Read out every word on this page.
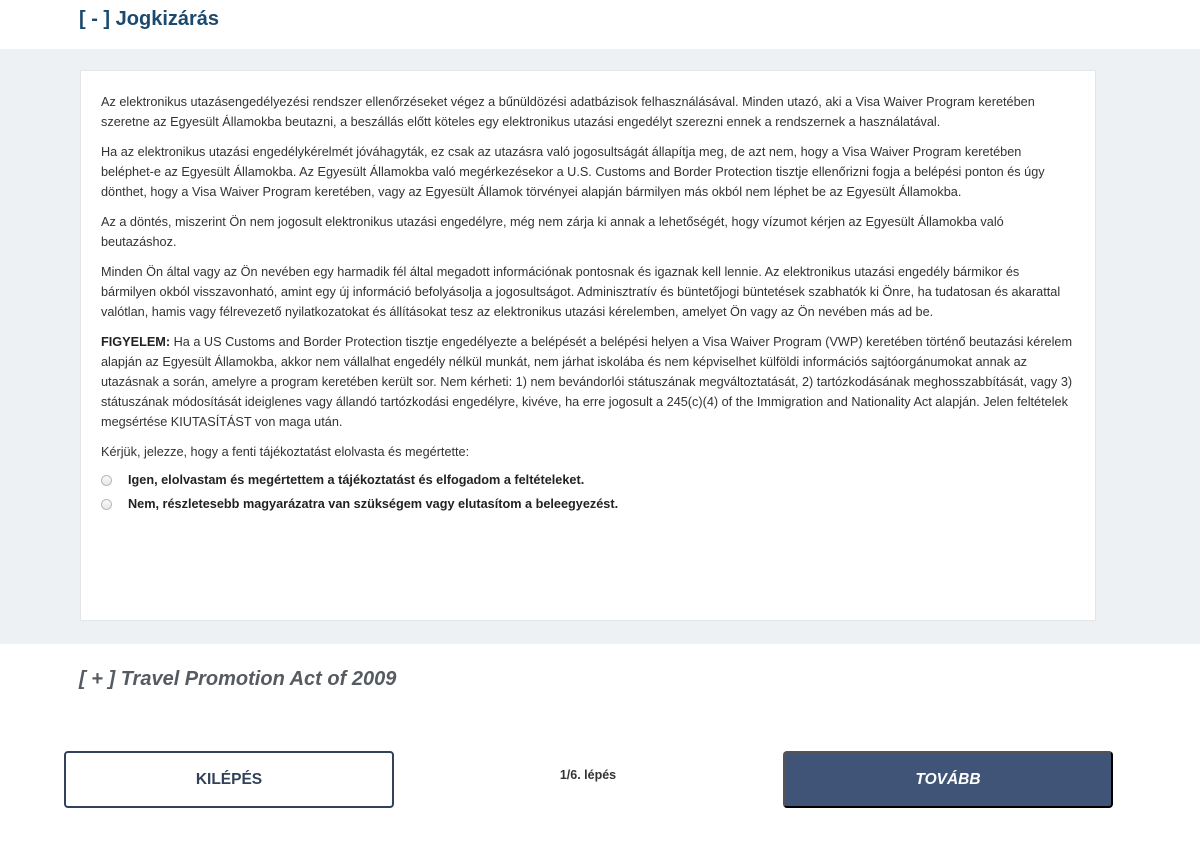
[ - ] Jogkizárás

Az elektronikus utazásengedélyezési rendszer ellenőrzéseket végez a bűnüldözési adatbázisok felhasználásával. Minden utazó, aki a Visa Waiver Program keretében szeretne az Egyesült Államokba beutazni, a beszállás előtt köteles egy elektronikus utazási engedélyt szerezni ennek a rendszernek a használatával.

Ha az elektronikus utazási engedélykérelmét jóváhagyták, ez csak az utazásra való jogosultságát állapítja meg, de azt nem, hogy a Visa Waiver Program keretében beléphet-e az Egyesült Államokba. Az Egyesült Államokba való megérkezésekor a U.S. Customs and Border Protection tisztje ellenőrizni fogja a belépési ponton és úgy dönthet, hogy a Visa Waiver Program keretében, vagy az Egyesült Államok törvényei alapján bármilyen más okból nem léphet be az Egyesült Államokba.

Az a döntés, miszerint Ön nem jogosult elektronikus utazási engedélyre, még nem zárja ki annak a lehetőségét, hogy vízumot kérjen az Egyesült Államokba való beutazáshoz.

Minden Ön által vagy az Ön nevében egy harmadik fél által megadott információnak pontosnak és igaznak kell lennie. Az elektronikus utazási engedély bármikor és bármilyen okból visszavonható, amint egy új információ befolyásolja a jogosultságot. Adminisztratív és büntetőjogi büntetések szabhatók ki Önre, ha tudatosan és akarattal valótlan, hamis vagy félrevezető nyilatkozatokat és állításokat tesz az elektronikus utazási kérelemben, amelyet Ön vagy az Ön nevében más ad be.

FIGYELEM: Ha a US Customs and Border Protection tisztje engedélyezte a belépését a belépési helyen a Visa Waiver Program (VWP) keretében történő beutazási kérelem alapján az Egyesült Államokba, akkor nem vállalhat engedély nélkül munkát, nem járhat iskolába és nem képviselhet külföldi információs sajtóorgánumokat annak az utazásnak a során, amelyre a program keretében került sor. Nem kérheti: 1) nem bevándorlói státuszának megváltoztatását, 2) tartózkodásának meghosszabbítását, vagy 3) státuszának módosítását ideiglenes vagy állandó tartózkodási engedélyre, kivéve, ha erre jogosult a 245(c)(4) of the Immigration and Nationality Act alapján. Jelen feltételek megsértése KIUTASÍTÁST von maga után.

Kérjük, jelezze, hogy a fenti tájékoztatást elolvasta és megértette:

Igen, elolvastam és megértettem a tájékoztatást és elfogadom a feltételeket.
Nem, részletesebb magyarázatra van szükségem vagy elutasítom a beleegyezést.
[ + ] Travel Promotion Act of 2009
KILÉPÉS	1/6. lépés	TOVÁBB
